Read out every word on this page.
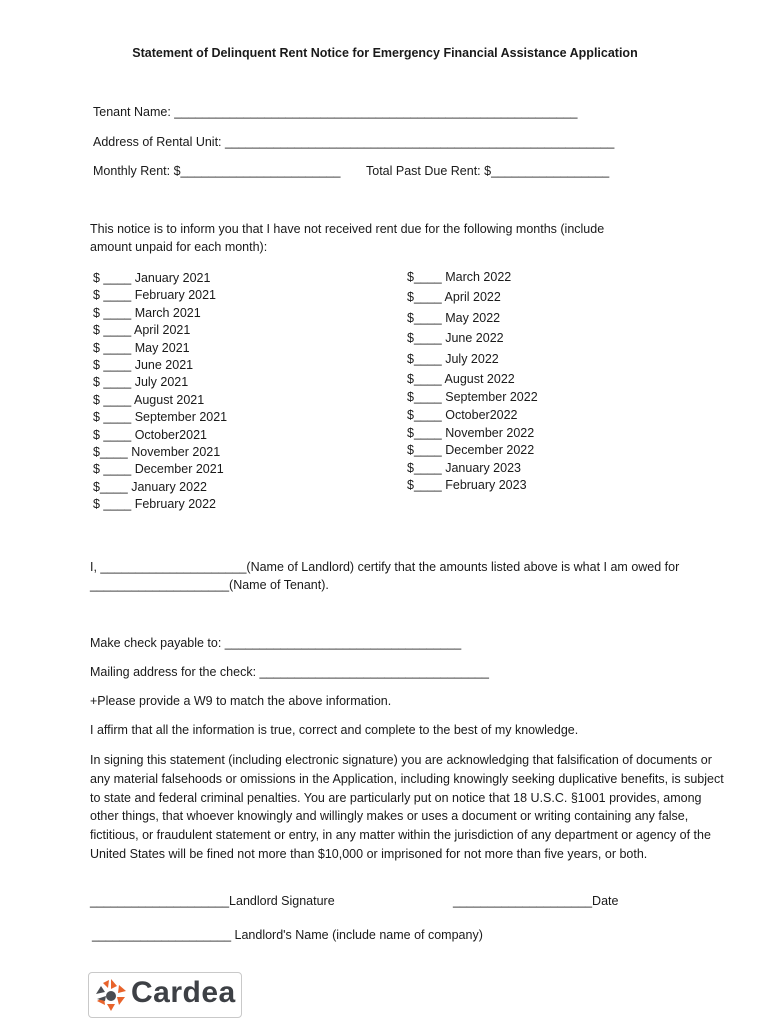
Statement of Delinquent Rent Notice for Emergency Financial Assistance Application
Tenant Name: __________________________________________________________
Address of Rental Unit: ________________________________________________________
Monthly Rent: $_______________________ Total Past Due Rent: $_________________
This notice is to inform you that I have not received rent due for the following months (include
amount unpaid for each month):
$ ____ January 2021
$ ____ February 2021
$ ____ March 2021
$ ____ April 2021
$ ____ May 2021
$ ____ June 2021
$ ____ July 2021
$ ____ August 2021
$ ____ September 2021
$ ____ October2021
$____ November 2021
$ ____ December 2021
$____ January 2022
$ ____ February 2022
$____ March 2022
$____ April 2022
$____ May 2022
$____ June 2022
$____ July 2022
$____ August 2022
$____ September 2022
$____ October2022
$____ November 2022
$____ December 2022
$____ January 2023
$____ February 2023
I, _____________________(Name of Landlord) certify that the amounts listed above is what I am owed for
____________________(Name of Tenant).
Make check payable to: __________________________________
Mailing address for the check: _________________________________
+Please provide a W9 to match the above information.
I affirm that all the information is true, correct and complete to the best of my knowledge.
In signing this statement (including electronic signature) you are acknowledging that falsification of documents or any material falsehoods or omissions in the Application, including knowingly seeking duplicative benefits, is subject to state and federal criminal penalties. You are particularly put on notice that 18 U.S.C. §1001 provides, among other things, that whoever knowingly and willingly makes or uses a document or writing containing any false, fictitious, or fraudulent statement or entry, in any matter within the jurisdiction of any department or agency of the United States will be fined not more than $10,000 or imprisoned for not more than five years, or both.
____________________Landlord Signature	____________________Date
____________________ Landlord's Name (include name of company)
Cardea
